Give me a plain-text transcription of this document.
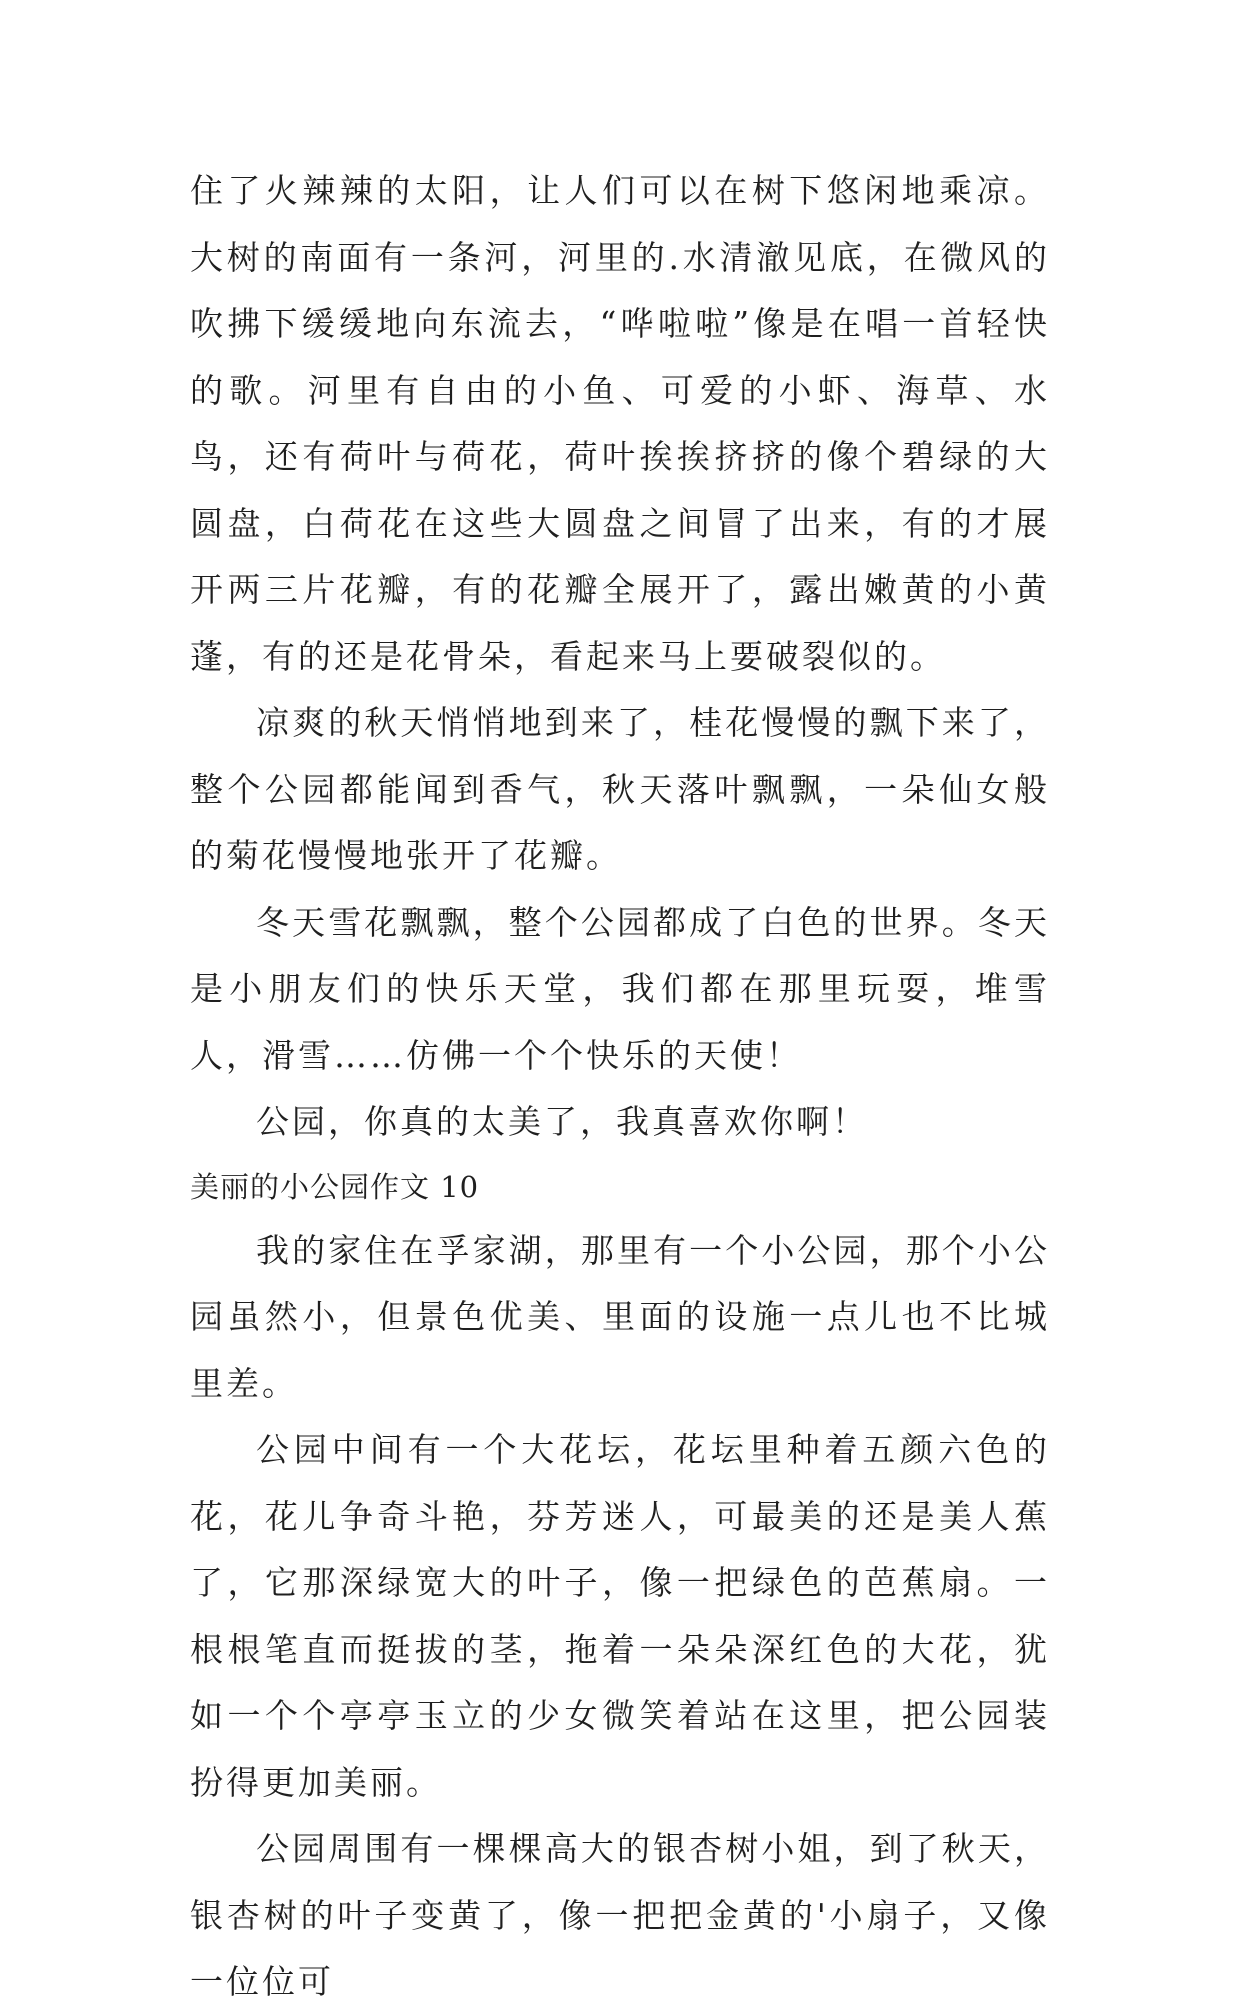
住了火辣辣的太阳，让人们可以在树下悠闲地乘凉。大树的南面有一条河，河里的.水清澈见底，在微风的吹拂下缓缓地向东流去，“哗啦啦”像是在唱一首轻快的歌。河里有自由的小鱼、可爱的小虾、海草、水鸟，还有荷叶与荷花，荷叶挨挨挤挤的像个碧绿的大圆盘，白荷花在这些大圆盘之间冒了出来，有的才展开两三片花瓣，有的花瓣全展开了，露出嫩黄的小黄蓬，有的还是花骨朵，看起来马上要破裂似的。

凉爽的秋天悄悄地到来了，桂花慢慢的飘下来了，整个公园都能闻到香气，秋天落叶飘飘，一朵仙女般的菊花慢慢地张开了花瓣。

冬天雪花飘飘，整个公园都成了白色的世界。冬天是小朋友们的快乐天堂，我们都在那里玩耍，堆雪人，滑雪……仿佛一个个快乐的天使！

公园，你真的太美了，我真喜欢你啊！

美丽的小公园作文 10

我的家住在孚家湖，那里有一个小公园，那个小公园虽然小，但景色优美、里面的设施一点儿也不比城里差。

公园中间有一个大花坛，花坛里种着五颜六色的花，花儿争奇斗艳，芬芳迷人，可最美的还是美人蕉了，它那深绿宽大的叶子，像一把绿色的芭蕉扇。一根根笔直而挺拔的茎，拖着一朵朵深红色的大花，犹如一个个亭亭玉立的少女微笑着站在这里，把公园装扮得更加美丽。

公园周围有一棵棵高大的银杏树小姐，到了秋天，银杏树的叶子变黄了，像一把把金黄的'小扇子，又像一位位可
